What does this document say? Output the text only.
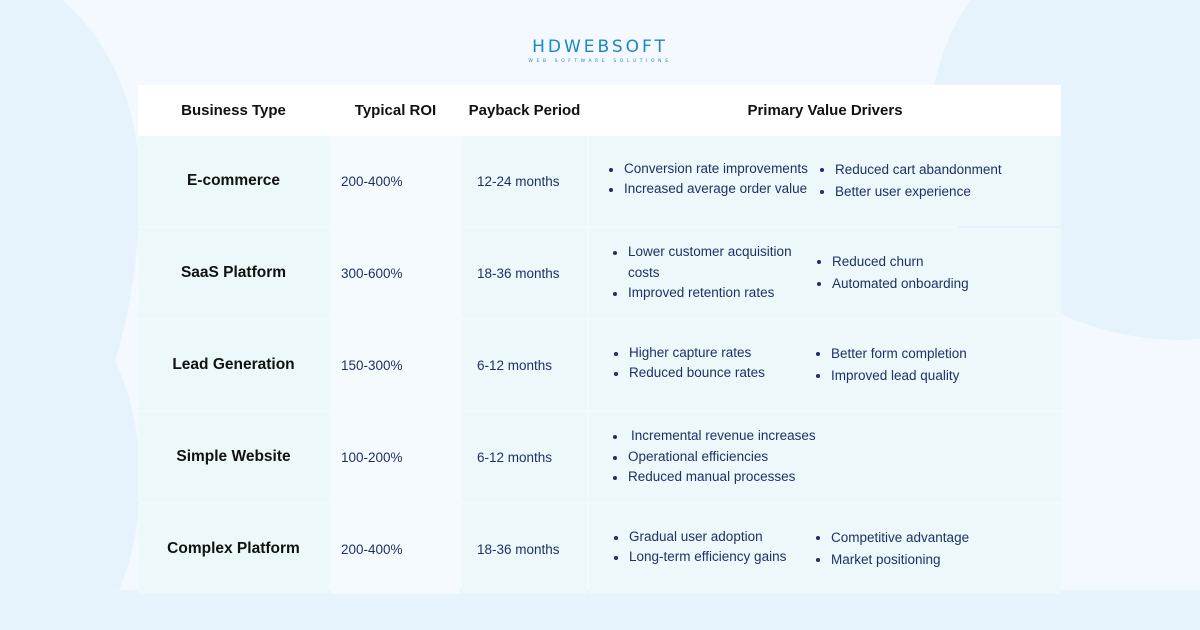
HDWEBSOFT
WEB SOFTWARE SOLUTIONS
Business Type	Typical ROI	Payback Period	Primary Value Drivers
E-commerce	200-400%	12-24 months
Conversion rate improvements
Increased average order value
Reduced cart abandonment
Better user experience
SaaS Platform	300-600%	18-36 months
Lower customer acquisition costs
Improved retention rates
Reduced churn
Automated onboarding
Lead Generation	150-300%	6-12 months
Higher capture rates
Reduced bounce rates
Better form completion
Improved lead quality
Simple Website	100-200%	6-12 months
Incremental revenue increases
Operational efficiencies
Reduced manual processes
Complex Platform	200-400%	18-36 months
Gradual user adoption
Long-term efficiency gains
Competitive advantage
Market positioning
